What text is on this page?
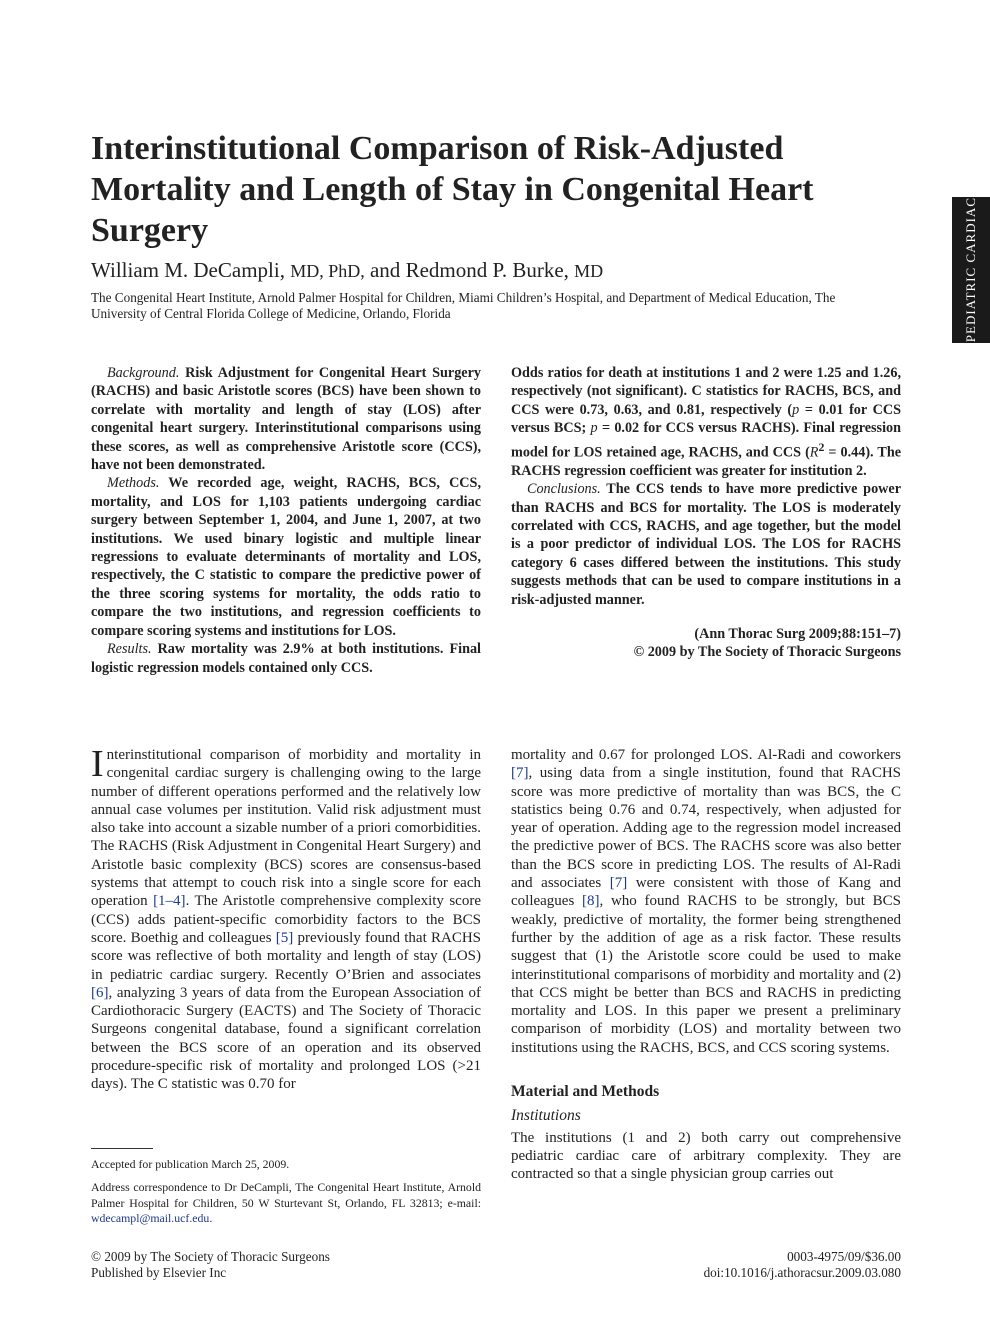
Interinstitutional Comparison of Risk-Adjusted Mortality and Length of Stay in Congenital Heart Surgery
William M. DeCampli, MD, PhD, and Redmond P. Burke, MD
The Congenital Heart Institute, Arnold Palmer Hospital for Children, Miami Children’s Hospital, and Department of Medical Education, The University of Central Florida College of Medicine, Orlando, Florida	PEDIATRIC CARDIAC

Background. Risk Adjustment for Congenital Heart Surgery (RACHS) and basic Aristotle scores (BCS) have been shown to correlate with mortality and length of stay (LOS) after congenital heart surgery. Interinstitutional comparisons using these scores, as well as comprehensive Aristotle score (CCS), have not been demonstrated.

Methods. We recorded age, weight, RACHS, BCS, CCS, mortality, and LOS for 1,103 patients undergoing cardiac surgery between September 1, 2004, and June 1, 2007, at two institutions. We used binary logistic and multiple linear regressions to evaluate determinants of mortality and LOS, respectively, the C statistic to compare the predictive power of the three scoring systems for mortality, the odds ratio to compare the two institutions, and regression coefficients to compare scoring systems and institutions for LOS.

Results. Raw mortality was 2.9% at both institutions. Final logistic regression models contained only CCS.

Odds ratios for death at institutions 1 and 2 were 1.25 and 1.26, respectively (not significant). C statistics for RACHS, BCS, and CCS were 0.73, 0.63, and 0.81, respectively (p = 0.01 for CCS versus BCS; p = 0.02 for CCS versus RACHS). Final regression model for LOS retained age, RACHS, and CCS $(R^2 = 0.44)$. The RACHS regression coefficient was greater for institution 2.

Conclusions. The CCS tends to have more predictive power than RACHS and BCS for mortality. The LOS is moderately correlated with CCS, RACHS, and age together, but the model is a poor predictor of individual LOS. The LOS for RACHS category 6 cases differed between the institutions. This study suggests methods that can be used to compare institutions in a risk-adjusted manner.

(Ann Thorac Surg 2009;88:151–7)
© 2009 by The Society of Thoracic Surgeons

Interinstitutional comparison of morbidity and mortality in congenital cardiac surgery is challenging owing to the large number of different operations performed and the relatively low annual case volumes per institution. Valid risk adjustment must also take into account a sizable number of a priori comorbidities. The RACHS (Risk Adjustment in Congenital Heart Surgery) and Aristotle basic complexity (BCS) scores are consensus-based systems that attempt to couch risk into a single score for each operation [1–4]. The Aristotle comprehensive complexity score (CCS) adds patient-specific comorbidity factors to the BCS score. Boethig and colleagues [5] previously found that RACHS score was reflective of both mortality and length of stay (LOS) in pediatric cardiac surgery. Recently O’Brien and associates [6], analyzing 3 years of data from the European Association of Cardiothoracic Surgery (EACTS) and The Society of Thoracic Surgeons congenital database, found a significant correlation between the BCS score of an operation and its observed procedure-specific risk of mortality and prolonged LOS (>21 days). The C statistic was 0.70 for

mortality and 0.67 for prolonged LOS. Al-Radi and coworkers [7], using data from a single institution, found that RACHS score was more predictive of mortality than was BCS, the C statistics being 0.76 and 0.74, respectively, when adjusted for year of operation. Adding age to the regression model increased the predictive power of BCS. The RACHS score was also better than the BCS score in predicting LOS. The results of Al-Radi and associates [7] were consistent with those of Kang and colleagues [8], who found RACHS to be strongly, but BCS weakly, predictive of mortality, the former being strengthened further by the addition of age as a risk factor. These results suggest that (1) the Aristotle score could be used to make interinstitutional comparisons of morbidity and mortality and (2) that CCS might be better than BCS and RACHS in predicting mortality and LOS. In this paper we present a preliminary comparison of morbidity (LOS) and mortality between two institutions using the RACHS, BCS, and CCS scoring systems.

Material and Methods

Institutions

The institutions (1 and 2) both carry out comprehensive pediatric cardiac care of arbitrary complexity. They are contracted so that a single physician group carries out

Accepted for publication March 25, 2009.
Address correspondence to Dr DeCampli, The Congenital Heart Institute, Arnold Palmer Hospital for Children, 50 W Sturtevant St, Orlando, FL 32813; e-mail: wdecampl@mail.ucf.edu.
© 2009 by The Society of Thoracic Surgeons
Published by Elsevier Inc
0003-4975/09/$36.00
doi:10.1016/j.athoracsur.2009.03.080
